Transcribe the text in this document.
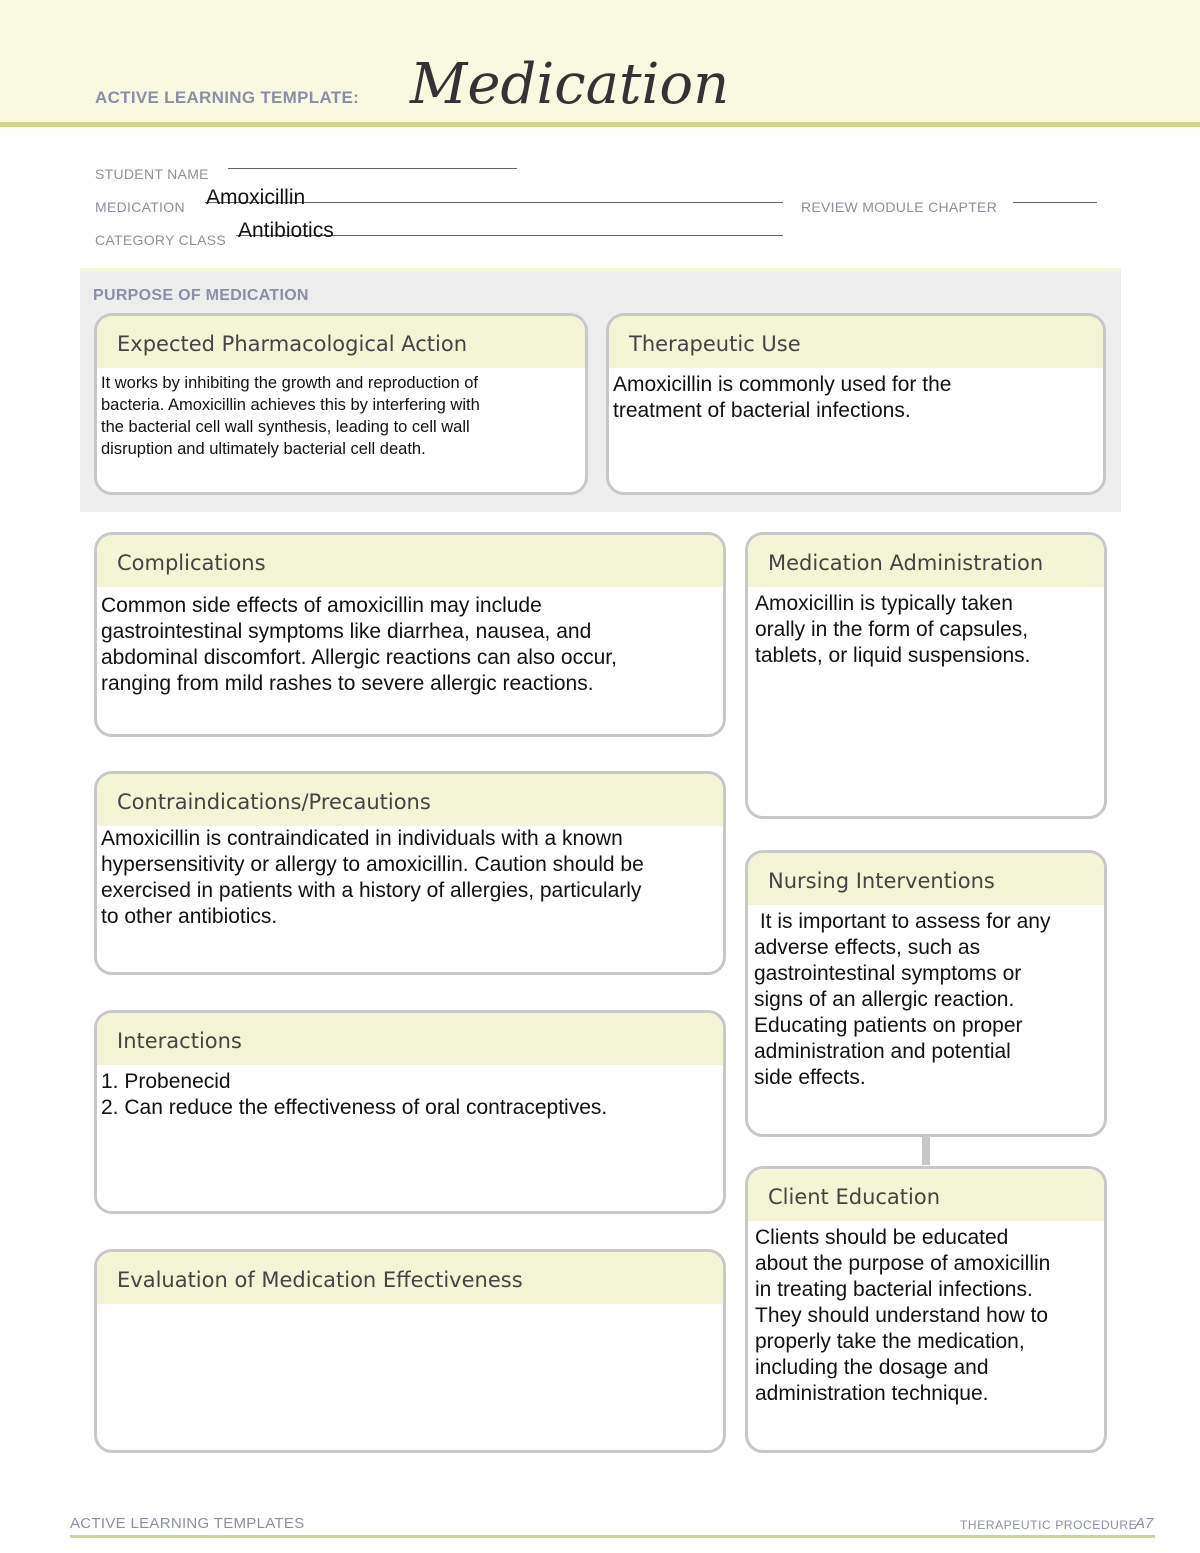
ACTIVE LEARNING TEMPLATE: Medication
STUDENT NAME
MEDICATION Amoxicillin	REVIEW MODULE CHAPTER
CATEGORY CLASS Antibiotics
PURPOSE OF MEDICATION
Expected Pharmacological Action
It works by inhibiting the growth and reproduction of
bacteria. Amoxicillin achieves this by interfering with
the bacterial cell wall synthesis, leading to cell wall
disruption and ultimately bacterial cell death.
Therapeutic Use
Amoxicillin is commonly used for the
treatment of bacterial infections.
Complications
Common side effects of amoxicillin may include
gastrointestinal symptoms like diarrhea, nausea, and
abdominal discomfort. Allergic reactions can also occur,
ranging from mild rashes to severe allergic reactions.
Medication Administration
Amoxicillin is typically taken
orally in the form of capsules,
tablets, or liquid suspensions.
Contraindications/Precautions
Amoxicillin is contraindicated in individuals with a known
hypersensitivity or allergy to amoxicillin. Caution should be
exercised in patients with a history of allergies, particularly
to other antibiotics.
Nursing Interventions
It is important to assess for any
adverse effects, such as
gastrointestinal symptoms or
signs of an allergic reaction.
Educating patients on proper
administration and potential
side effects.
Interactions
1. Probenecid
2. Can reduce the effectiveness of oral contraceptives.
Client Education
Clients should be educated
about the purpose of amoxicillin
in treating bacterial infections.
They should understand how to
properly take the medication,
including the dosage and
administration technique.
Evaluation of Medication Effectiveness
ACTIVE LEARNING TEMPLATES	THERAPEUTIC PROCEDURE
A7
